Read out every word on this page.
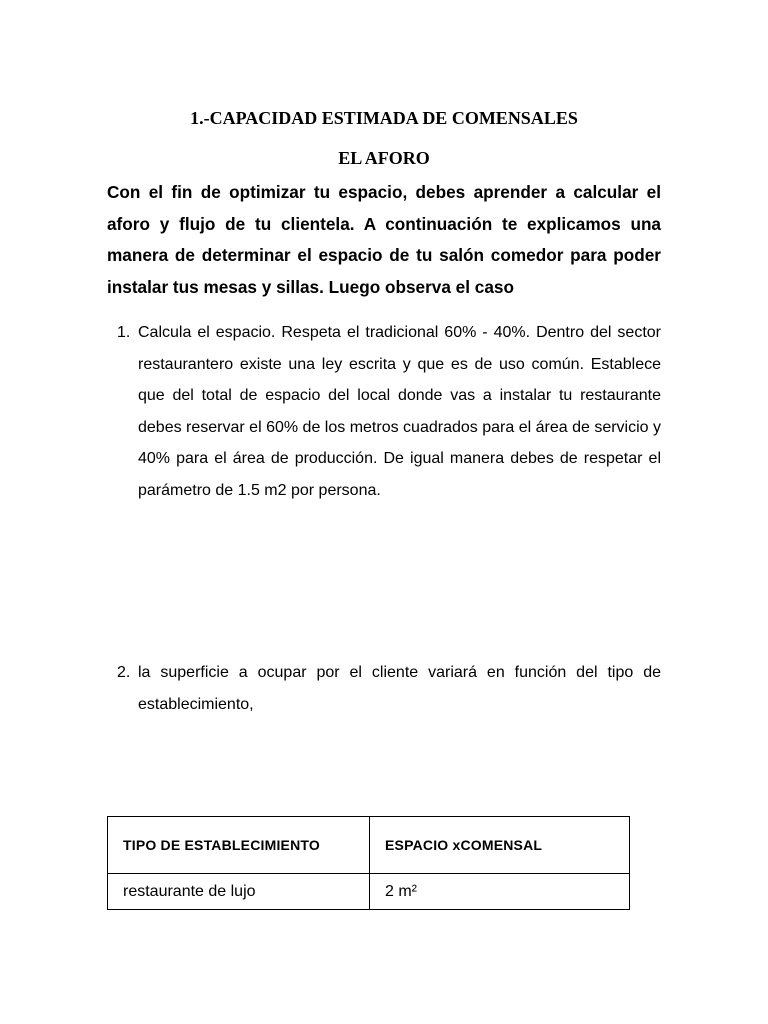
1.-CAPACIDAD ESTIMADA DE COMENSALES
EL AFORO

Con el fin de optimizar tu espacio, debes aprender a calcular el aforo y flujo de tu clientela. A continuación te explicamos una manera de determinar el espacio de tu salón comedor para poder instalar tus mesas y sillas. Luego observa el caso

1. Calcula el espacio. Respeta el tradicional 60% - 40%. Dentro del sector restaurantero existe una ley escrita y que es de uso común. Establece que del total de espacio del local donde vas a instalar tu restaurante debes reservar el 60% de los metros cuadrados para el área de servicio y 40% para el área de producción. De igual manera debes de respetar el parámetro de 1.5 m2 por persona.
2. la superficie a ocupar por el cliente variará en función del tipo de establecimiento,
TIPO DE ESTABLECIMIENTO	ESPACIO xCOMENSAL
restaurante de lujo	2 m²
